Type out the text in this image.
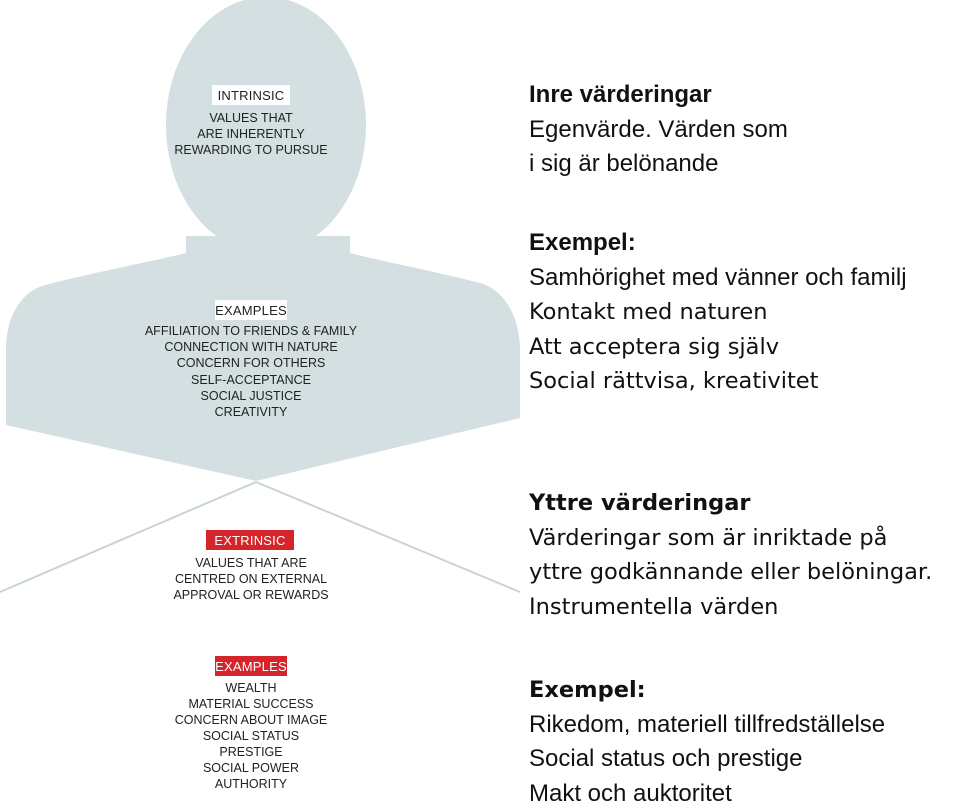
INTRINSIC
VALUES THAT
ARE INHERENTLY
REWARDING TO PURSUE
EXAMPLES
AFFILIATION TO FRIENDS & FAMILY
CONNECTION WITH NATURE
CONCERN FOR OTHERS
SELF-ACCEPTANCE
SOCIAL JUSTICE
CREATIVITY
EXTRINSIC
VALUES THAT ARE
CENTRED ON EXTERNAL
APPROVAL OR REWARDS
EXAMPLES
WEALTH
MATERIAL SUCCESS
CONCERN ABOUT IMAGE
SOCIAL STATUS
PRESTIGE
SOCIAL POWER
AUTHORITY
Inre värderingar
Egenvärde. Värden som
i sig är belönande
Exempel:
Samhörighet med vänner och familj
Kontakt med naturen
Att acceptera sig själv
Social rättvisa, kreativitet
Yttre värderingar
Värderingar som är inriktade på
yttre godkännande eller belöningar.
Instrumentella värden
Exempel:
Rikedom, materiell tillfredställelse
Social status och prestige
Makt och auktoritet
